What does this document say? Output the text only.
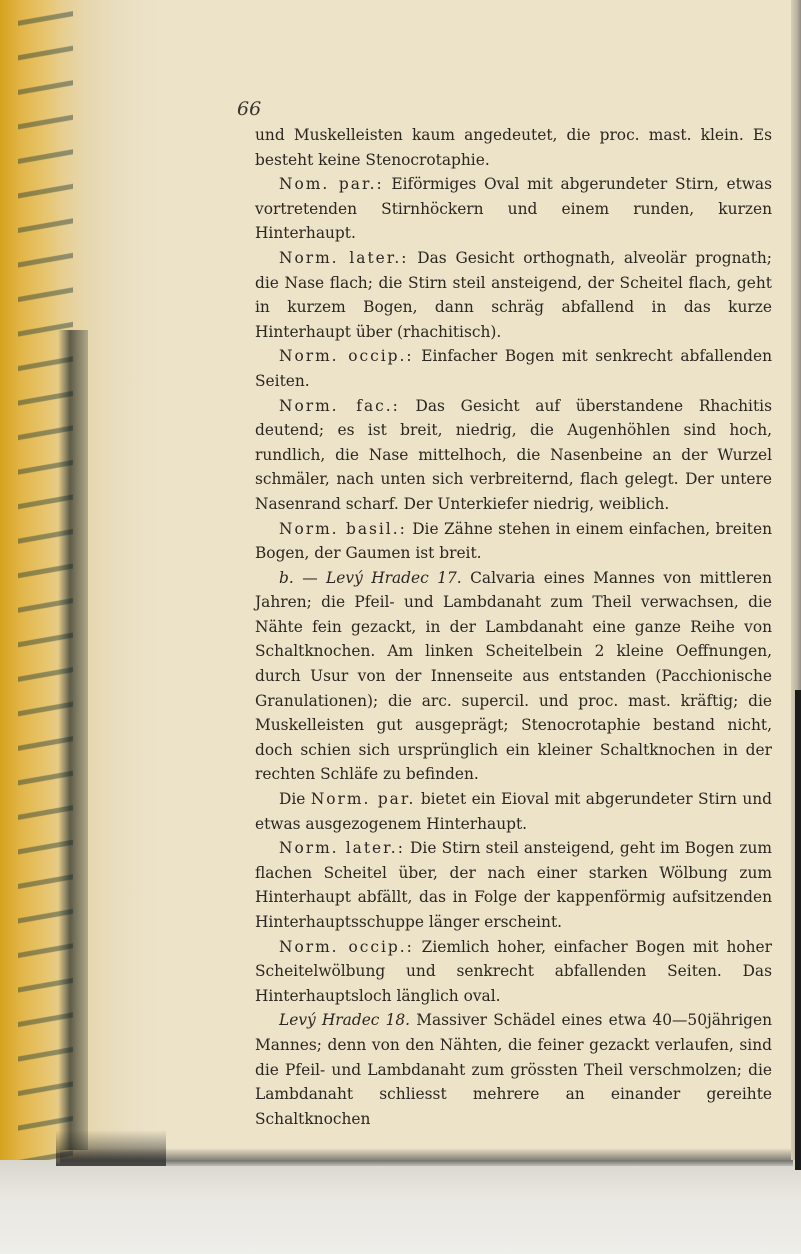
66

und Muskelleisten kaum angedeutet, die proc. mast. klein. Es besteht keine Stenocrotaphie.

Nom. par.: Eiförmiges Oval mit abgerundeter Stirn, etwas vortretenden Stirnhöckern und einem runden, kurzen Hinterhaupt.

Norm. later.: Das Gesicht orthognath, alveolär prognath; die Nase flach; die Stirn steil ansteigend, der Scheitel flach, geht in kurzem Bogen, dann schräg abfallend in das kurze Hinterhaupt über (rhachitisch).

Norm. occip.: Einfacher Bogen mit senkrecht abfallenden Seiten.

Norm. fac.: Das Gesicht auf überstandene Rhachitis deutend; es ist breit, niedrig, die Augenhöhlen sind hoch, rundlich, die Nase mittelhoch, die Nasenbeine an der Wurzel schmäler, nach unten sich verbreiternd, flach gelegt. Der untere Nasenrand scharf. Der Unterkiefer niedrig, weiblich.

Norm. basil.: Die Zähne stehen in einem einfachen, breiten Bogen, der Gaumen ist breit.

b. — Levý Hradec 17. Calvaria eines Mannes von mittleren Jahren; die Pfeil- und Lambdanaht zum Theil verwachsen, die Nähte fein gezackt, in der Lambdanaht eine ganze Reihe von Schaltknochen. Am linken Scheitelbein 2 kleine Oeffnungen, durch Usur von der Innenseite aus entstanden (Pacchionische Granulationen); die arc. supercil. und proc. mast. kräftig; die Muskelleisten gut ausgeprägt; Stenocrotaphie bestand nicht, doch schien sich ursprünglich ein kleiner Schaltknochen in der rechten Schläfe zu befinden.

Die Norm. par. bietet ein Eioval mit abgerundeter Stirn und etwas ausgezogenem Hinterhaupt.

Norm. later.: Die Stirn steil ansteigend, geht im Bogen zum flachen Scheitel über, der nach einer starken Wölbung zum Hinterhaupt abfällt, das in Folge der kappenförmig aufsitzenden Hinterhauptsschuppe länger erscheint.

Norm. occip.: Ziemlich hoher, einfacher Bogen mit hoher Scheitelwölbung und senkrecht abfallenden Seiten. Das Hinterhauptsloch länglich oval.

Levý Hradec 18. Massiver Schädel eines etwa 40—50jährigen Mannes; denn von den Nähten, die feiner gezackt verlaufen, sind die Pfeil- und Lambdanaht zum grössten Theil verschmolzen; die Lambdanaht schliesst mehrere an einander gereihte Schaltknochen
